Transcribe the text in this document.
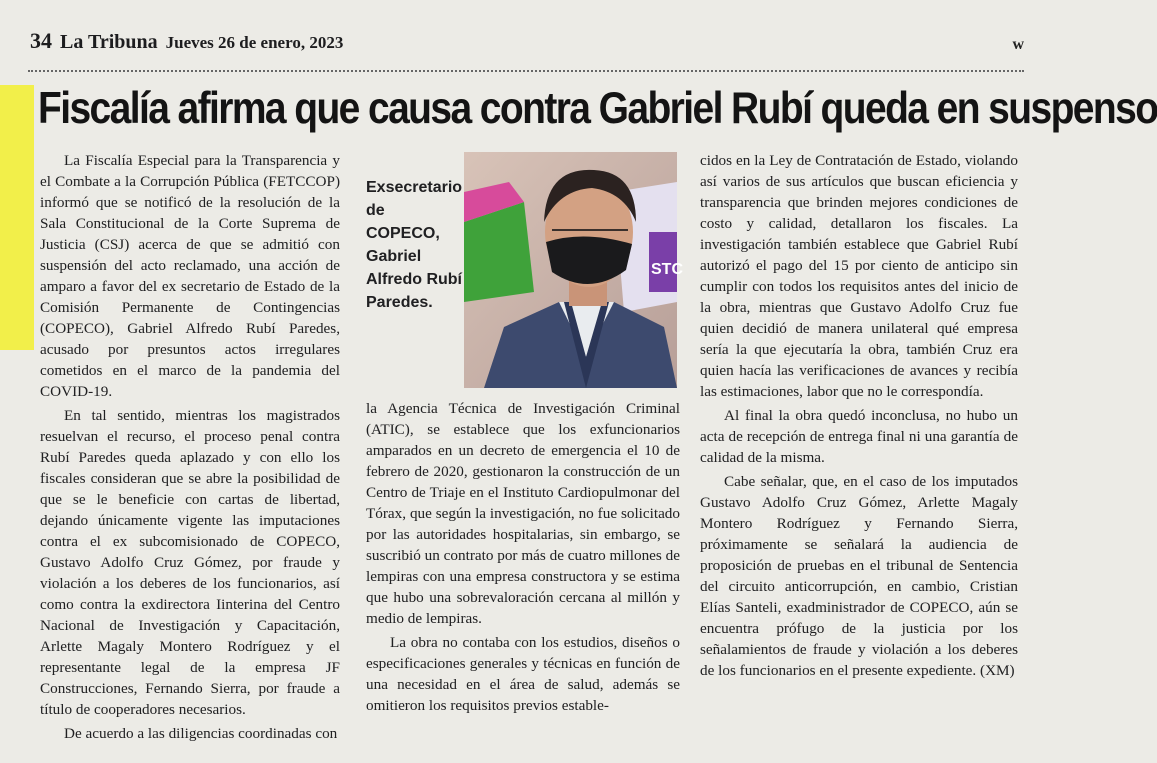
34 La Tribuna Jueves 26 de enero, 2023	w
Fiscalía afirma que causa contra Gabriel Rubí queda en suspenso

La Fiscalía Especial para la Transparencia y el Combate a la Corrupción Pública (FETCCOP) informó que se notificó de la resolución de la Sala Constitucional de la Corte Suprema de Justicia (CSJ) acerca de que se admitió con suspensión del acto reclamado, una acción de amparo a favor del ex secretario de Estado de la Comisión Permanente de Contingencias (COPECO), Gabriel Alfredo Rubí Paredes, acusado por presuntos actos irregulares cometidos en el marco de la pandemia del COVID-19.

En tal sentido, mientras los magistrados resuelvan el recurso, el proceso penal contra Rubí Paredes queda aplazado y con ello los fiscales consideran que se abre la posibilidad de que se le beneficie con cartas de libertad, dejando únicamente vigente las imputaciones contra el ex subcomisionado de COPECO, Gustavo Adolfo Cruz Gómez, por fraude y violación a los deberes de los funcionarios, así como contra la exdirectora Iinterina del Centro Nacional de Investigación y Capacitación, Arlette Magaly Montero Rodríguez y el representante legal de la empresa JF Construcciones, Fernando Sierra, por fraude a título de cooperadores necesarios.

De acuerdo a las diligencias coordinadas con

Exsecretario de COPECO, Gabriel Alfredo Rubí Paredes.
STC

la Agencia Técnica de Investigación Criminal (ATIC), se establece que los exfuncionarios amparados en un decreto de emergencia el 10 de febrero de 2020, gestionaron la construcción de un Centro de Triaje en el Instituto Cardiopulmonar del Tórax, que según la investigación, no fue solicitado por las autoridades hospitalarias, sin embargo, se suscribió un contrato por más de cuatro millones de lempiras con una empresa constructora y se estima que hubo una sobrevaloración cercana al millón y medio de lempiras.

La obra no contaba con los estudios, diseños o especificaciones generales y técnicas en función de una necesidad en el área de salud, además se omitieron los requisitos previos estable-

cidos en la Ley de Contratación de Estado, violando así varios de sus artículos que buscan eficiencia y transparencia que brinden mejores condiciones de costo y calidad, detallaron los fiscales. La investigación también establece que Gabriel Rubí autorizó el pago del 15 por ciento de anticipo sin cumplir con todos los requisitos antes del inicio de la obra, mientras que Gustavo Adolfo Cruz fue quien decidió de manera unilateral qué empresa sería la que ejecutaría la obra, también Cruz era quien hacía las verificaciones de avances y recibía las estimaciones, labor que no le correspondía.

Al final la obra quedó inconclusa, no hubo un acta de recepción de entrega final ni una garantía de calidad de la misma.

Cabe señalar, que, en el caso de los imputados Gustavo Adolfo Cruz Gómez, Arlette Magaly Montero Rodríguez y Fernando Sierra, próximamente se señalará la audiencia de proposición de pruebas en el tribunal de Sentencia del circuito anticorrupción, en cambio, Cristian Elías Santeli, exadministrador de COPECO, aún se encuentra prófugo de la justicia por los señalamientos de fraude y violación a los deberes de los funcionarios en el presente expediente. (XM)
